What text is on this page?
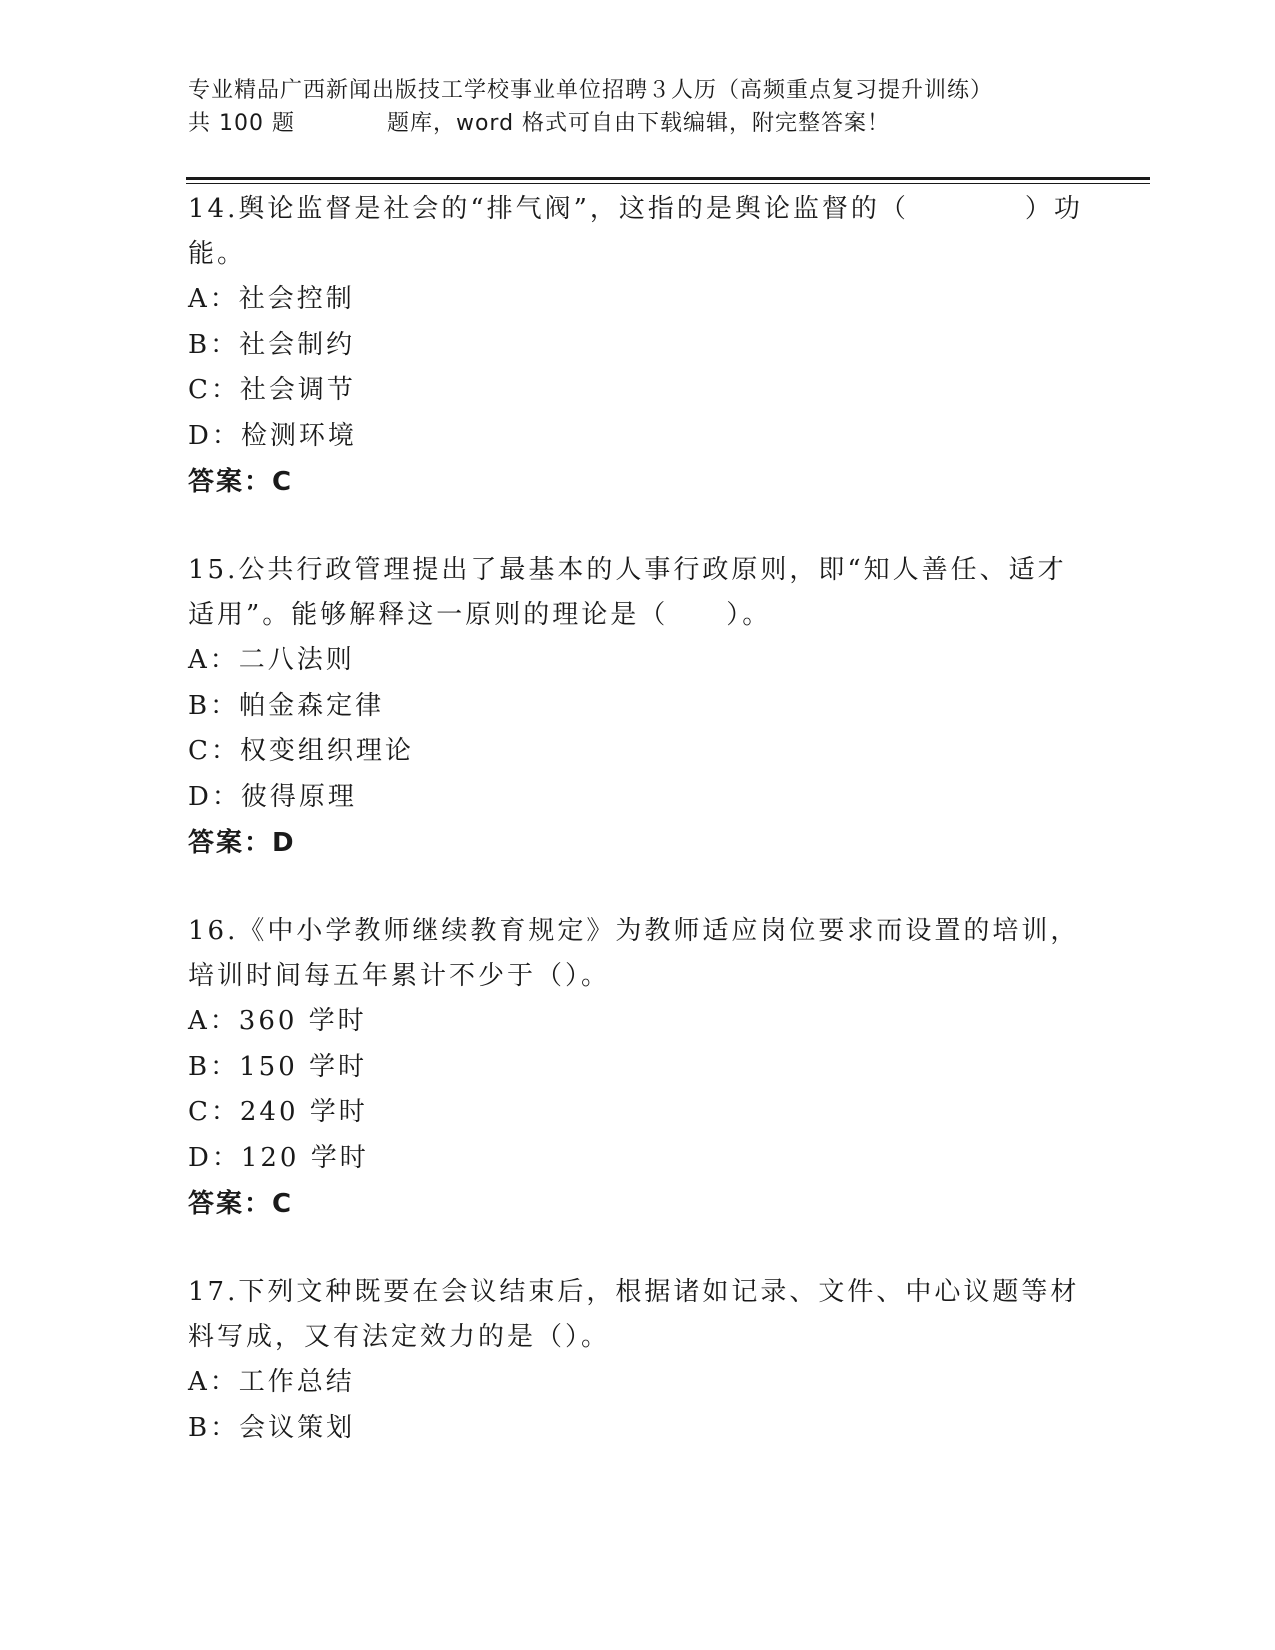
专业精品广西新闻出版技工学校事业单位招聘３人历（高频重点复习提升训练）
共 100 题　　　　题库，word 格式可自由下载编辑，附完整答案！

14.舆论监督是社会的“排气阀”，这指的是舆论监督的（　　　　）功能。

A：社会控制

B：社会制约

C：社会调节

D：检测环境

答案：C

15.公共行政管理提出了最基本的人事行政原则，即“知人善任、适才适用”。能够解释这一原则的理论是（　　）。

A：二八法则

B：帕金森定律

C：权变组织理论

D：彼得原理

答案：D

16.《中小学教师继续教育规定》为教师适应岗位要求而设置的培训，培训时间每五年累计不少于（）。

A：360 学时

B：150 学时

C：240 学时

D：120 学时

答案：C

17.下列文种既要在会议结束后，根据诸如记录、文件、中心议题等材料写成，又有法定效力的是（）。

A：工作总结

B：会议策划
